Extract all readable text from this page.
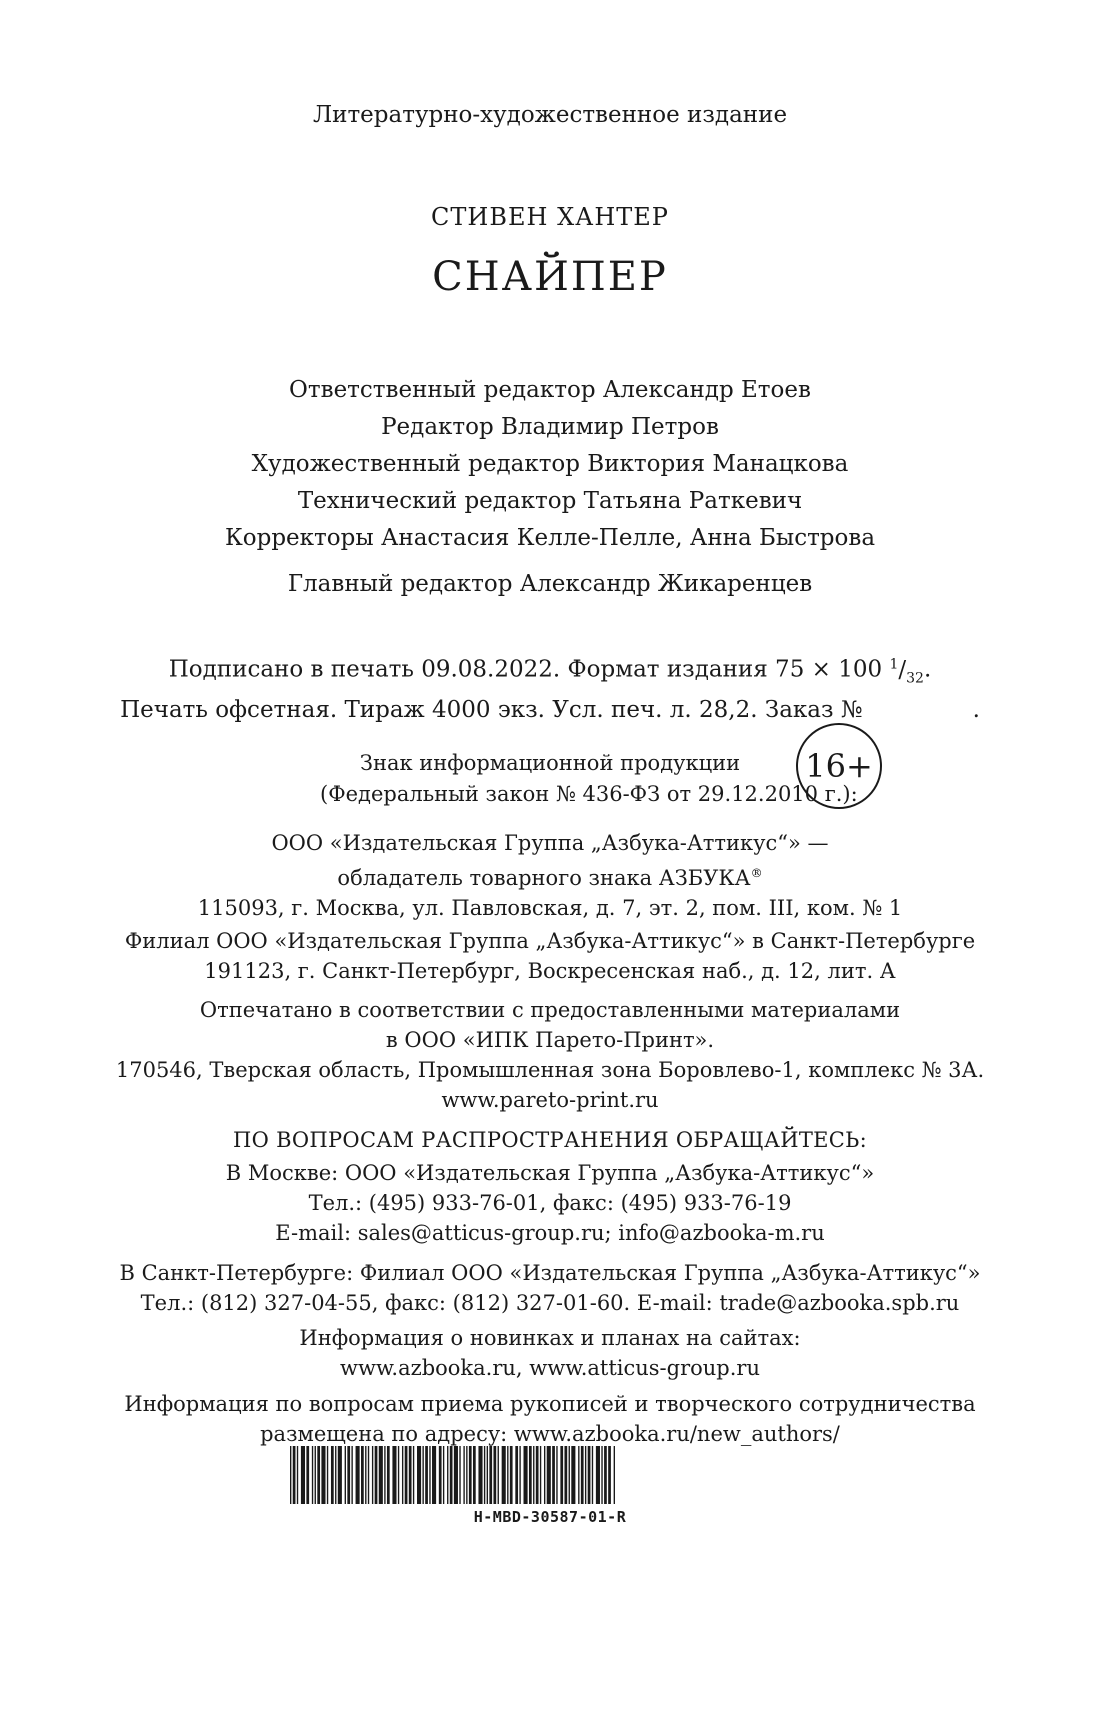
Литературно-художественное издание
СТИВЕН ХАНТЕР
СНАЙПЕР
Ответственный редактор Александр Етоев
Редактор Владимир Петров
Художественный редактор Виктория Манацкова
Технический редактор Татьяна Раткевич
Корректоры Анастасия Келле-Пелле, Анна Быстрова
Главный редактор Александр Жикаренцев
Подписано в печать 09.08.2022. Формат издания 75 × 100 $^1/_{32}$.
Печать офсетная. Тираж 4000 экз. Усл. печ. л. 28,2. Заказ №	.
Знак информационной продукции
(Федеральный закон № 436-ФЗ от 29.12.2010 г.):
16+
ООО «Издательская Группа „Азбука-Аттикус“» —
обладатель товарного знака АЗБУКА®
115093, г. Москва, ул. Павловская, д. 7, эт. 2, пом. III, ком. № 1
Филиал ООО «Издательская Группа „Азбука-Аттикус“» в Санкт-Петербурге
191123, г. Санкт-Петербург, Воскресенская наб., д. 12, лит. А
Отпечатано в соответствии с предоставленными материалами
в ООО «ИПК Парето-Принт».
170546, Тверская область, Промышленная зона Боровлево-1, комплекс № 3А.
www.pareto-print.ru
ПО ВОПРОСАМ РАСПРОСТРАНЕНИЯ ОБРАЩАЙТЕСЬ:
В Москве: ООО «Издательская Группа „Азбука-Аттикус“»
Тел.: (495) 933-76-01, факс: (495) 933-76-19
E-mail: sales@atticus-group.ru; info@azbooka-m.ru
В Санкт-Петербурге: Филиал ООО «Издательская Группа „Азбука-Аттикус“»
Тел.: (812) 327-04-55, факс: (812) 327-01-60. E-mail: trade@azbooka.spb.ru
Информация о новинках и планах на сайтах:
www.azbooka.ru, www.atticus-group.ru
Информация по вопросам приема рукописей и творческого сотрудничества
размещена по адресу: www.azbooka.ru/new_authors/
H-MBD-30587-01-R
